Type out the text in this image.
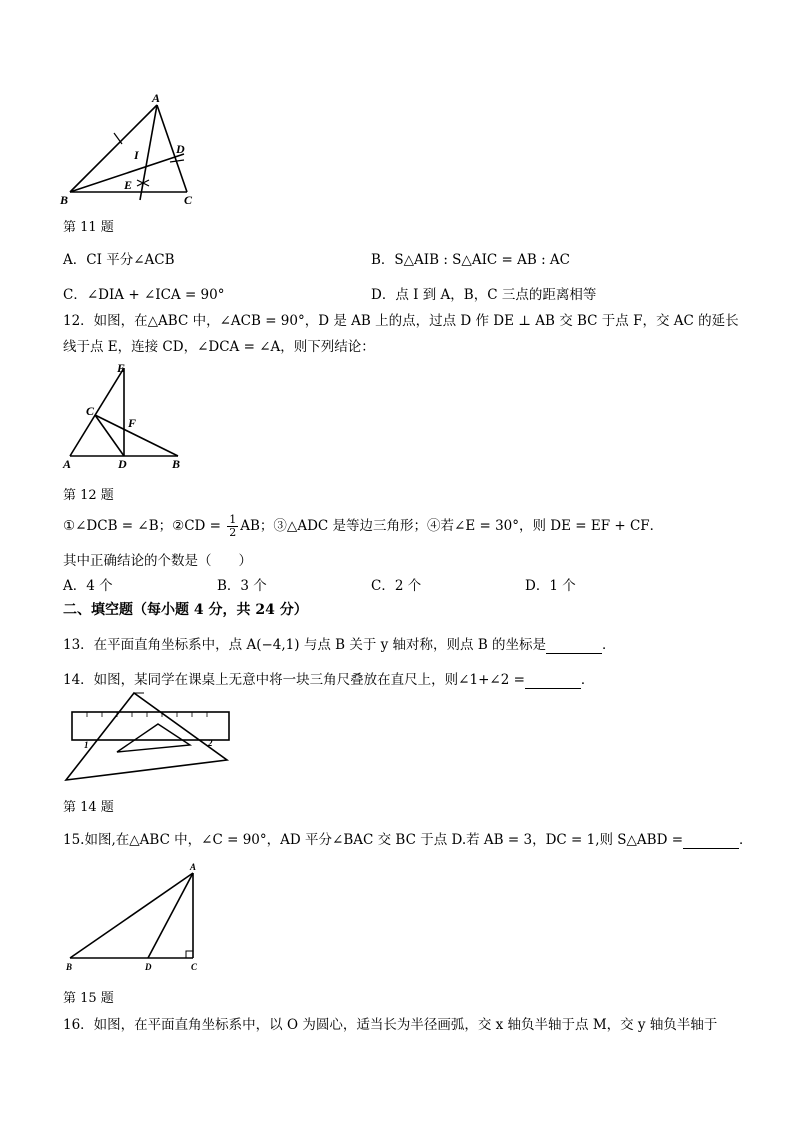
A
B	C
D
E
I
第 11 题
A．CI 平分∠ACB	B．S△AIB : S△AIC = AB : AC
C．∠DIA + ∠ICA = 90°	D．点 I 到 A，B，C 三点的距离相等
12．如图，在△ABC 中，∠ACB = 90°，D 是 AB 上的点，过点 D 作 DE ⊥ AB 交 BC 于点 F，交 AC 的延长
线于点 E，连接 CD，∠DCA = ∠A，则下列结论：
A	B
C
D
E
F
第 12 题
①∠DCB = ∠B；②CD = $\frac{1}{2}$ AB；③△ADC 是等边三角形；④若∠E = 30°，则 DE = EF + CF．
其中正确结论的个数是（　　）
A．4 个	B．3 个	C．2 个	D．1 个
二、填空题（每小题 4 分，共 24 分）
13．在平面直角坐标系中，点 A(−4,1) 与点 B 关于 y 轴对称，则点 B 的坐标是	．
14．如图，某同学在课桌上无意中将一块三角尺叠放在直尺上，则∠1+∠2 =	．
1	2
第 14 题
15.如图,在△ABC 中，∠C = 90°，AD 平分∠BAC 交 BC 于点 D.若 AB = 3，DC = 1,则 S△ABD =	．
A
B	C
D
第 15 题
16．如图，在平面直角坐标系中，以 O 为圆心，适当长为半径画弧，交 x 轴负半轴于点 M，交 y 轴负半轴于
